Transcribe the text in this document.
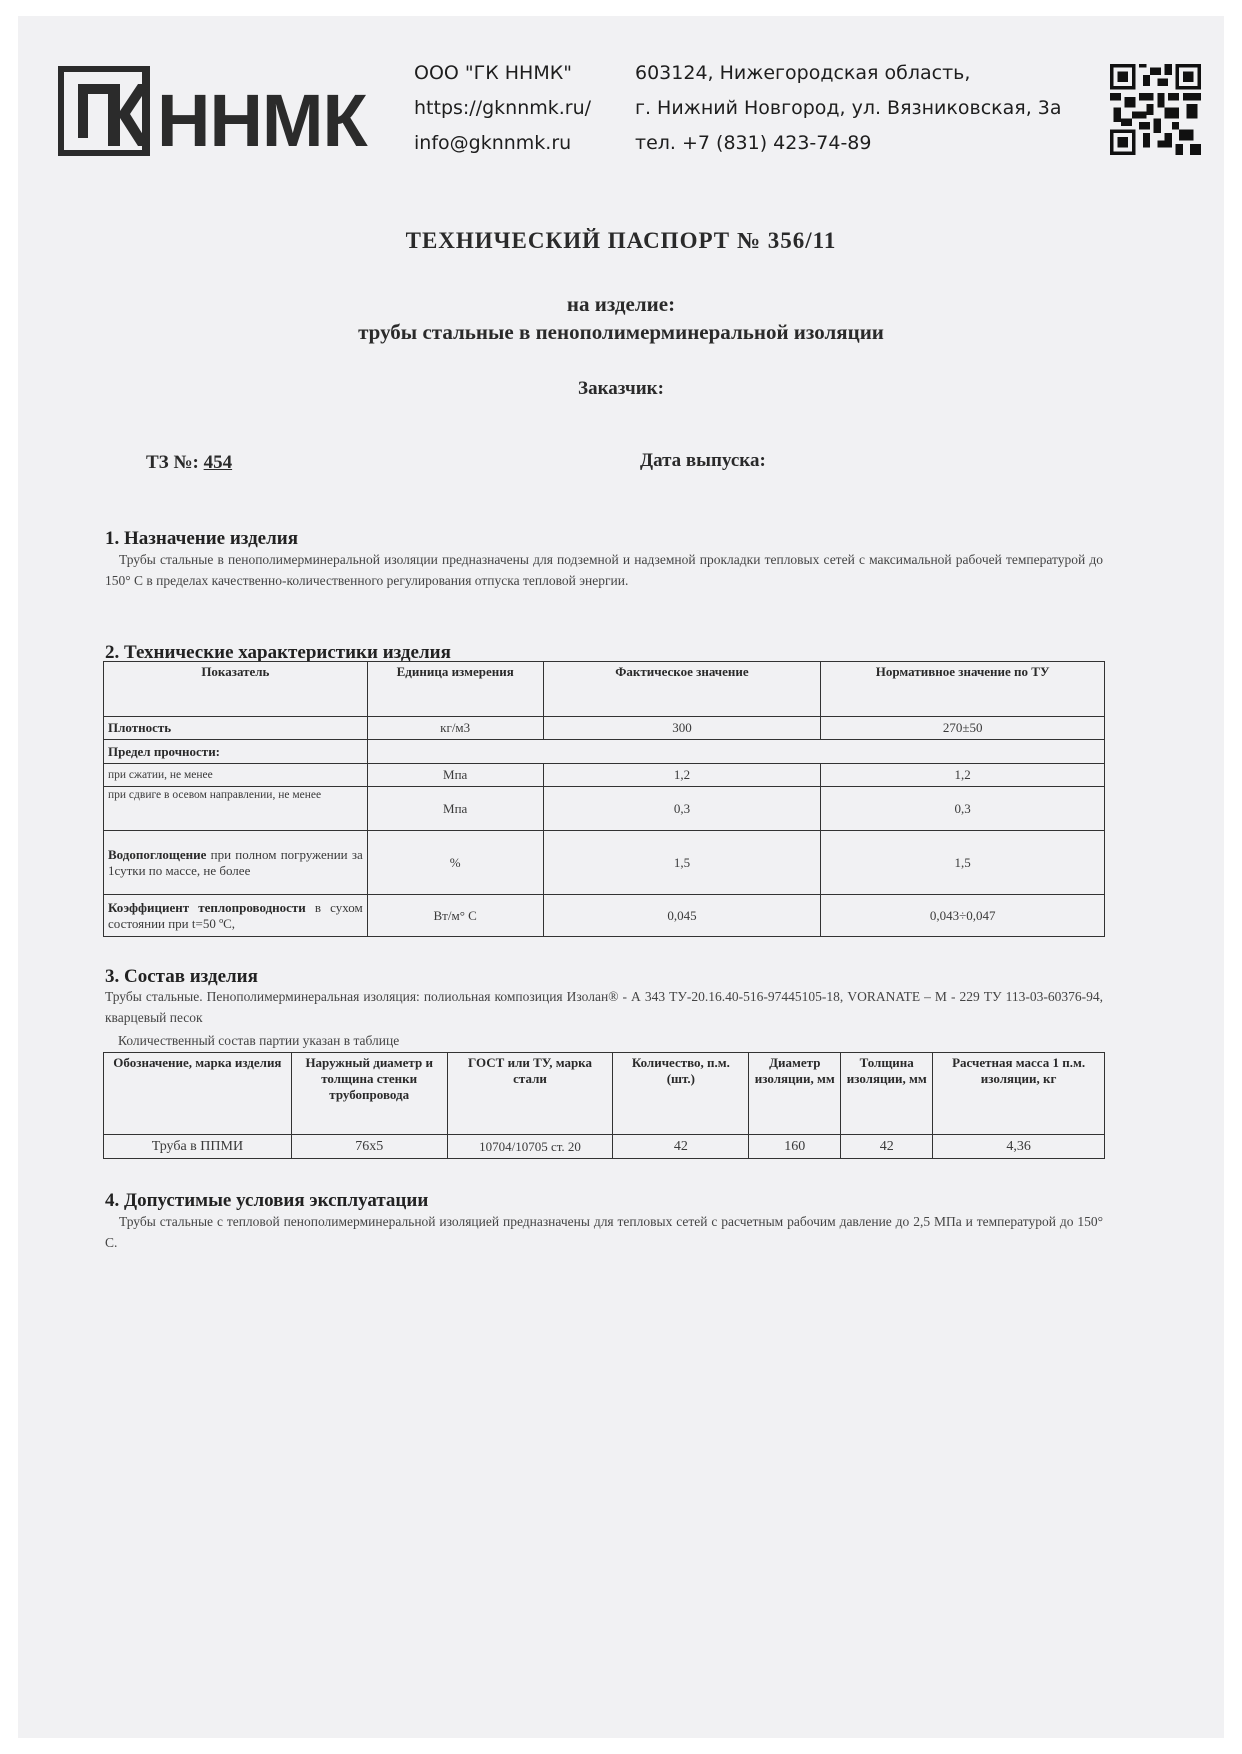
ННМК
ООО "ГК ННМК"
https://gknnmk.ru/
info@gknnmk.ru
603124, Нижегородская область,
г. Нижний Новгород, ул. Вязниковская, 3а
тел. +7 (831) 423-74-89
ТЕХНИЧЕСКИЙ ПАСПОРТ № 356/11
на изделие:
трубы стальные в пенополимерминеральной изоляции
Заказчик:
ТЗ №: 454	Дата выпуска:
1. Назначение изделия
Трубы стальные в пенополимерминеральной изоляции предназначены для подземной и надземной прокладки тепловых сетей с максимальной рабочей температурой до 150° С в пределах качественно-количественного регулирования отпуска тепловой энергии.
2. Технические характеристики изделия
Показатель	Единица измерения	Фактическое значение	Нормативное значение по ТУ
Плотность	кг/м3	300	270±50
Предел прочности:			
при сжатии, не менее	Мпа	1,2	1,2
при сдвиге в осевом направлении, не менее	Мпа	0,3	0,3
Водопоглощение при полном погружении за 1сутки по массе, не более	%	1,5	1,5
Коэффициент теплопроводности в сухом состоянии при t=50 ºС,	Вт/м° С	0,045	0,043÷0,047
3. Состав изделия
Трубы стальные. Пенополимерминеральная изоляция: полиольная композиция Изолан® - А 343 ТУ-20.16.40-516-97445105-18, VORANATE – M - 229 ТУ 113-03-60376-94, кварцевый песок
Количественный состав партии указан в таблице
Обозначение, марка изделия	Наружный диаметр и толщина стенки трубопровода	ГОСТ или ТУ, марка стали	Количество, п.м. (шт.)	Диаметр изоляции, мм	Толщина изоляции, мм	Расчетная масса 1 п.м. изоляции, кг
Труба в ППМИ	76х5	10704/10705 ст. 20	42	160	42	4,36
4. Допустимые условия эксплуатации
Трубы стальные с тепловой пенополимерминеральной изоляцией предназначены для тепловых сетей с расчетным рабочим давление до 2,5 МПа и температурой до 150° С.
